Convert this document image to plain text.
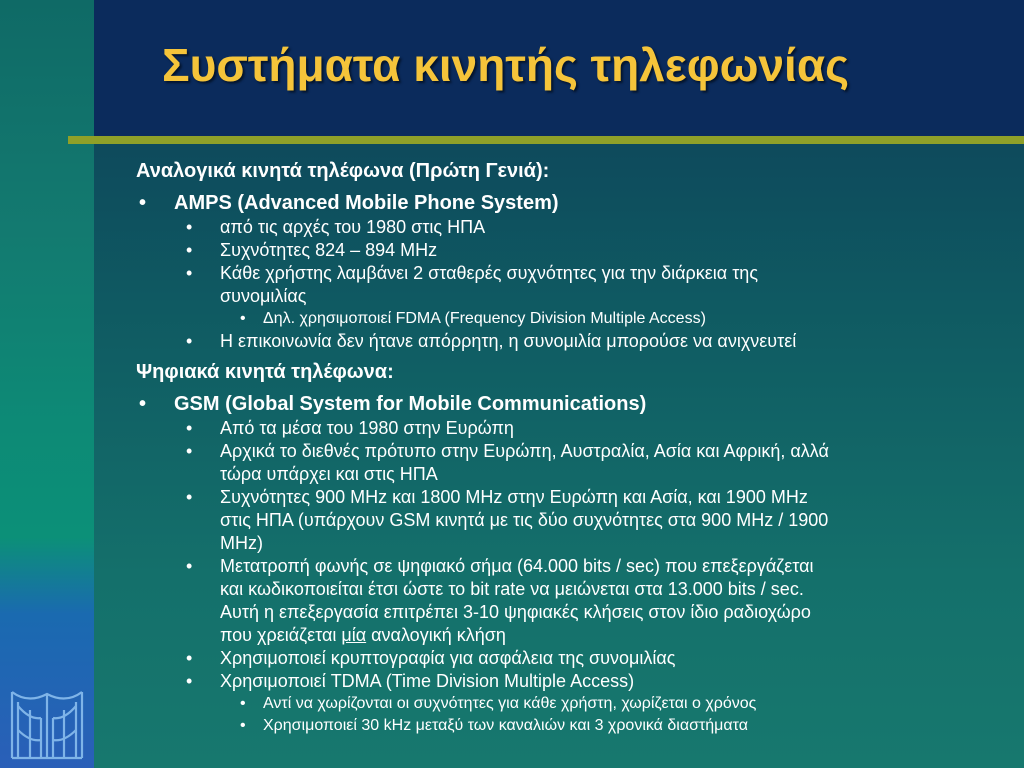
Συστήματα κινητής τηλεφωνίας
Αναλογικά κινητά τηλέφωνα (Πρώτη Γενιά):
• AMPS (Advanced Mobile Phone System)
• από τις αρχές του 1980 στις ΗΠΑ
• Συχνότητες 824 – 894 MHz
• Κάθε χρήστης λαμβάνει 2 σταθερές συχνότητες για την διάρκεια της
συνομιλίας
• Δηλ. χρησιμοποιεί FDMA (Frequency Division Multiple Access)
• Η επικοινωνία δεν ήτανε απόρρητη, η συνομιλία μπορούσε να ανιχνευτεί
Ψηφιακά κινητά τηλέφωνα:
• GSM (Global System for Mobile Communications)
• Από τα μέσα του 1980 στην Ευρώπη
• Αρχικά το διεθνές πρότυπο στην Ευρώπη, Αυστραλία, Ασία και Αφρική, αλλά
τώρα υπάρχει και στις ΗΠΑ
• Συχνότητες 900 MHz και 1800 MHz στην Ευρώπη και Ασία, και 1900 MHz
στις ΗΠΑ (υπάρχουν GSM κινητά με τις δύο συχνότητες στα 900 MHz / 1900
MHz)
• Μετατροπή φωνής σε ψηφιακό σήμα (64.000 bits / sec) που επεξεργάζεται
και κωδικοποιείται έτσι ώστε το bit rate να μειώνεται στα 13.000 bits / sec.
Αυτή η επεξεργασία επιτρέπει 3-10 ψηφιακές κλήσεις στον ίδιο ραδιοχώρο
που χρειάζεται μία αναλογική κλήση
• Χρησιμοποιεί κρυπτογραφία για ασφάλεια της συνομιλίας
• Χρησιμοποιεί TDMA (Time Division Multiple Access)
• Αντί να χωρίζονται οι συχνότητες για κάθε χρήστη, χωρίζεται ο χρόνος
• Χρησιμοποιεί 30 kHz μεταξύ των καναλιών και 3 χρονικά διαστήματα
